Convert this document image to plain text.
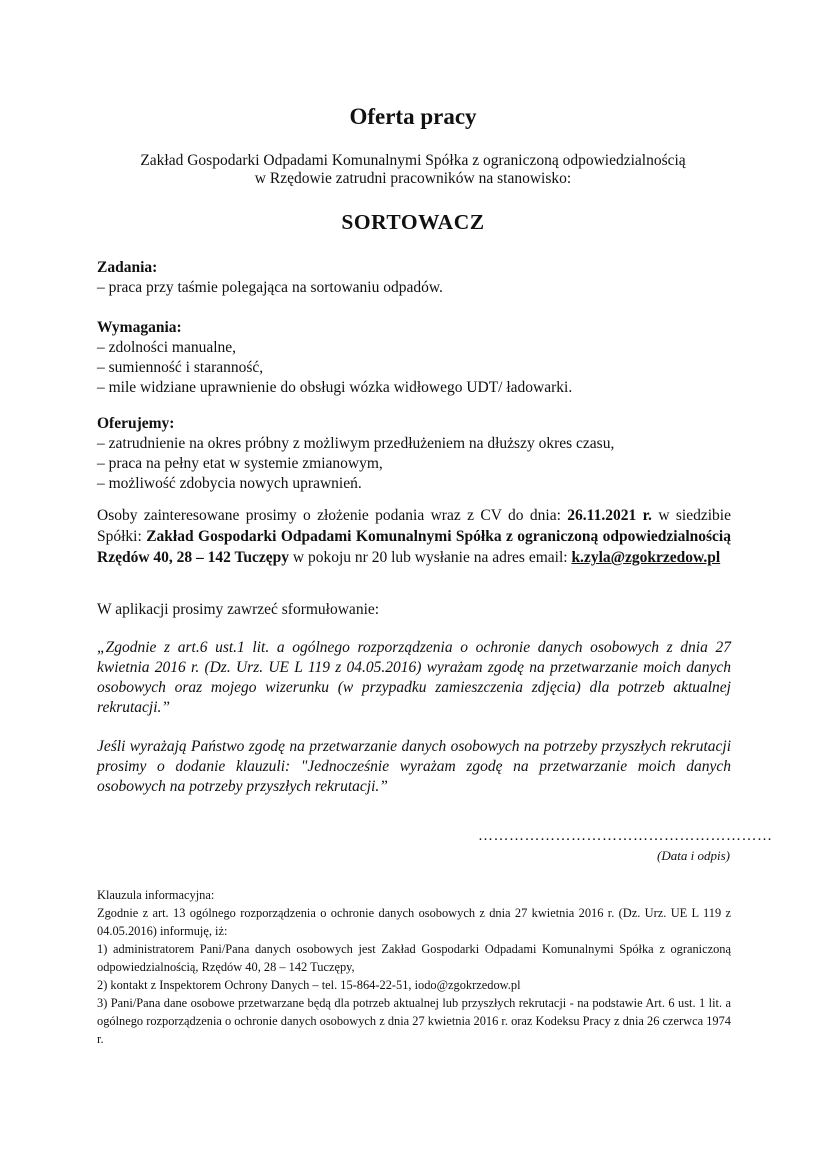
Oferta pracy
Zakład Gospodarki Odpadami Komunalnymi Spółka z ograniczoną odpowiedzialnością
w Rzędowie zatrudni pracowników na stanowisko:
SORTOWACZ
Zadania:
– praca przy taśmie polegająca na sortowaniu odpadów.
Wymagania:
– zdolności manualne,
– sumienność i staranność,
– mile widziane uprawnienie do obsługi wózka widłowego UDT/ ładowarki.
Oferujemy:
– zatrudnienie na okres próbny z możliwym przedłużeniem na dłuższy okres czasu,
– praca na pełny etat w systemie zmianowym,
– możliwość zdobycia nowych uprawnień.
Osoby zainteresowane prosimy o złożenie podania wraz z CV do dnia: 26.11.2021 r. w siedzibie Spółki: Zakład Gospodarki Odpadami Komunalnymi Spółka z ograniczoną odpowiedzialnością Rzędów 40, 28 – 142 Tuczępy w pokoju nr 20 lub wysłanie na adres email: k.zyla@zgokrzedow.pl
W aplikacji prosimy zawrzeć sformułowanie:
„Zgodnie z art.6 ust.1 lit. a ogólnego rozporządzenia o ochronie danych osobowych z dnia 27 kwietnia 2016 r. (Dz. Urz. UE L 119 z 04.05.2016) wyrażam zgodę na przetwarzanie moich danych osobowych oraz mojego wizerunku (w przypadku zamieszczenia zdjęcia) dla potrzeb aktualnej rekrutacji.”
Jeśli wyrażają Państwo zgodę na przetwarzanie danych osobowych na potrzeby przyszłych rekrutacji prosimy o dodanie klauzuli: "Jednocześnie wyrażam zgodę na przetwarzanie moich danych osobowych na potrzeby przyszłych rekrutacji.”
…………………………………………………
(Data i odpis)

Klauzula informacyjna:

Zgodnie z art. 13 ogólnego rozporządzenia o ochronie danych osobowych z dnia 27 kwietnia 2016 r. (Dz. Urz. UE L 119 z 04.05.2016) informuję, iż:

1) administratorem Pani/Pana danych osobowych jest Zakład Gospodarki Odpadami Komunalnymi Spółka z ograniczoną odpowiedzialnością, Rzędów 40, 28 – 142 Tuczępy,

2) kontakt z Inspektorem Ochrony Danych – tel. 15-864-22-51, iodo@zgokrzedow.pl

3) Pani/Pana dane osobowe przetwarzane będą dla potrzeb aktualnej lub przyszłych rekrutacji - na podstawie Art. 6 ust. 1 lit. a ogólnego rozporządzenia o ochronie danych osobowych z dnia 27 kwietnia 2016 r. oraz Kodeksu Pracy z dnia 26 czerwca 1974 r.
